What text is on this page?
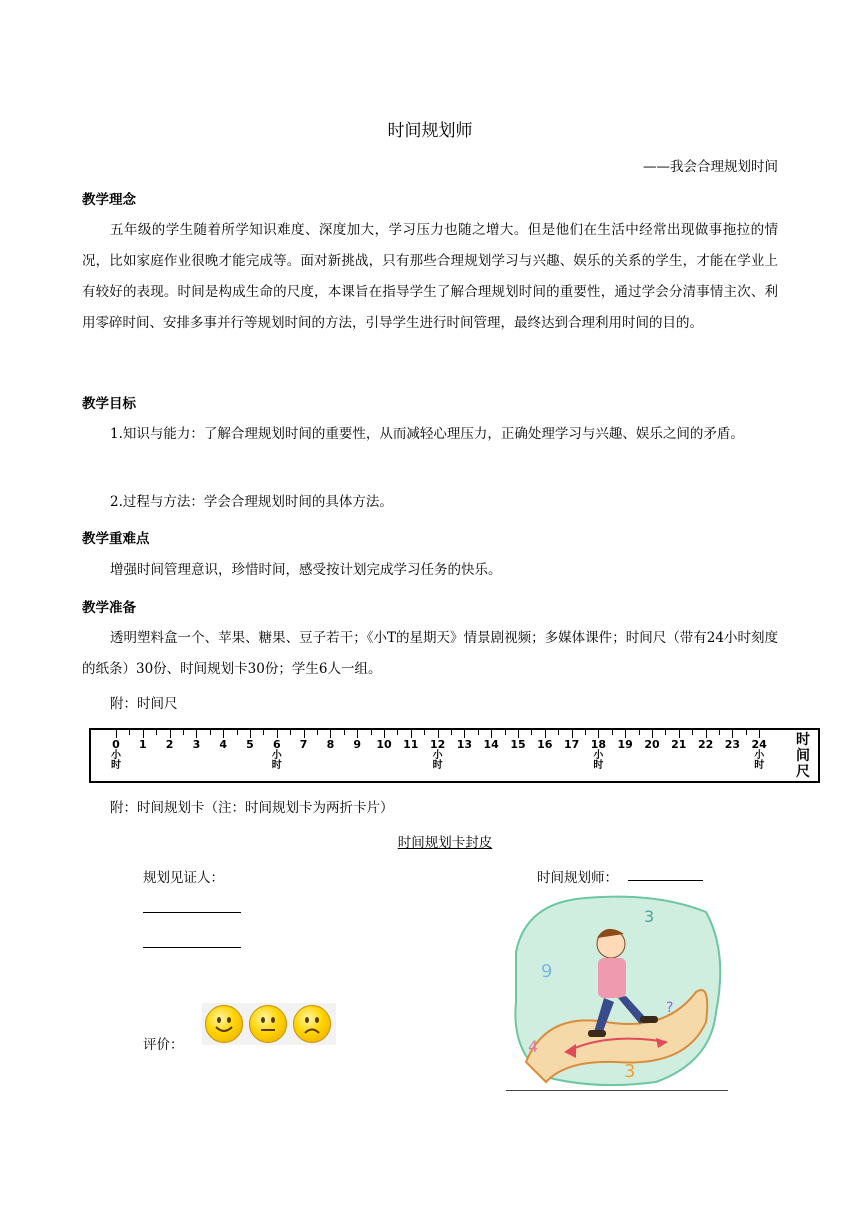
时间规划师
——我会合理规划时间
教学理念
五年级的学生随着所学知识难度、深度加大，学习压力也随之增大。但是他们在生活中经常出现做事拖拉的情况，比如家庭作业很晚才能完成等。面对新挑战，只有那些合理规划学习与兴趣、娱乐的关系的学生，才能在学业上有较好的表现。时间是构成生命的尺度，本课旨在指导学生了解合理规划时间的重要性，通过学会分清事情主次、利用零碎时间、安排多事并行等规划时间的方法，引导学生进行时间管理，最终达到合理利用时间的目的。
教学目标
1.知识与能力：了解合理规划时间的重要性，从而减轻心理压力，正确处理学习与兴趣、娱乐之间的矛盾。
2.过程与方法：学会合理规划时间的具体方法。
教学重难点
增强时间管理意识，珍惜时间，感受按计划完成学习任务的快乐。
教学准备
透明塑料盒一个、苹果、糖果、豆子若干；《小T的星期天》情景剧视频；多媒体课件；时间尺（带有24小时刻度的纸条）30份、时间规划卡30份；学生6人一组。
附：时间尺
0
小时
1 2 3 4 5 6
小时
7 8 9 10 11 12
小时
13 14 15 16 17 18
小时
19 20 21 22 23 24
小时
时间尺
附：时间规划卡（注：时间规划卡为两折卡片）
时间规划卡封皮
规划见证人：	时间规划师：
评价：
9
3
?
4
3
